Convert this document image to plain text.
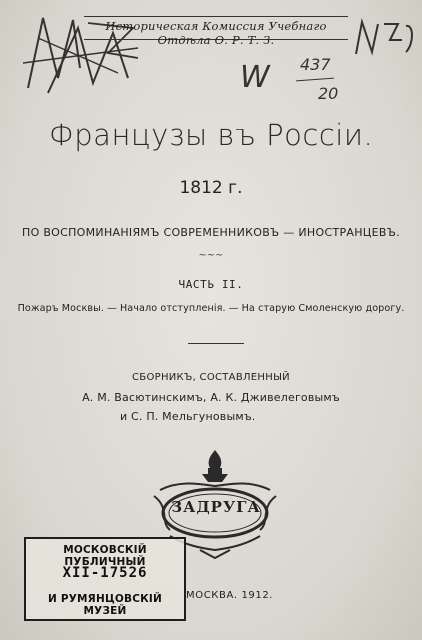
W 437
20
Историческая Комиссия Учебнаго Отдѣла О. Р. Т. З.
Французы въ Россіи.
1812 г.
ПО ВОСПОМИНАНІЯМЪ СОВРЕМЕННИКОВЪ — ИНОСТРАНЦЕВЪ.
~~~
ЧАСТЬ II.
Пожаръ Москвы. — Начало отступленія. — На старую Смоленскую дорогу.
СБОРНИКЪ, СОСТАВЛЕННЫЙ
А. М. Васютинскимъ, А. К. Дживелеговымъ
и С. П. Мельгуновымъ.
ЗАДРУГА
МОСКОВСКІЙ ПУБЛИЧНЫЙ
XII-17526
И РУМЯНЦОВСКІЙ МУЗЕЙ
МОСКВА. 1912.
